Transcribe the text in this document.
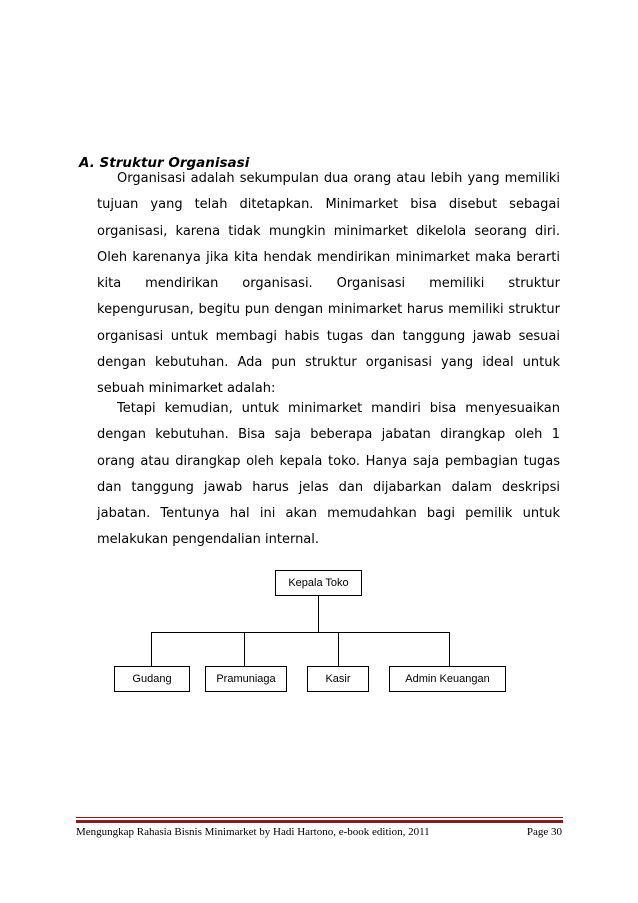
A. Struktur Organisasi

Organisasi adalah sekumpulan dua orang atau lebih yang memiliki tujuan yang telah ditetapkan. Minimarket bisa disebut sebagai organisasi, karena tidak mungkin minimarket dikelola seorang diri. Oleh karenanya jika kita hendak mendirikan minimarket maka berarti kita mendirikan organisasi. Organisasi memiliki struktur kepengurusan, begitu pun dengan minimarket harus memiliki struktur organisasi untuk membagi habis tugas dan tanggung jawab sesuai dengan kebutuhan. Ada pun struktur organisasi yang ideal untuk sebuah minimarket adalah:

Tetapi kemudian, untuk minimarket mandiri bisa menyesuaikan dengan kebutuhan. Bisa saja beberapa jabatan dirangkap oleh 1 orang atau dirangkap oleh kepala toko. Hanya saja pembagian tugas dan tanggung jawab harus jelas dan dijabarkan dalam deskripsi jabatan. Tentunya hal ini akan memudahkan bagi pemilik untuk melakukan pengendalian internal.

Kepala Toko
Gudang	Pramuniaga	Kasir	Admin Keuangan
Mengungkap Rahasia Bisnis Minimarket by Hadi Hartono, e-book edition, 2011	Page 30
